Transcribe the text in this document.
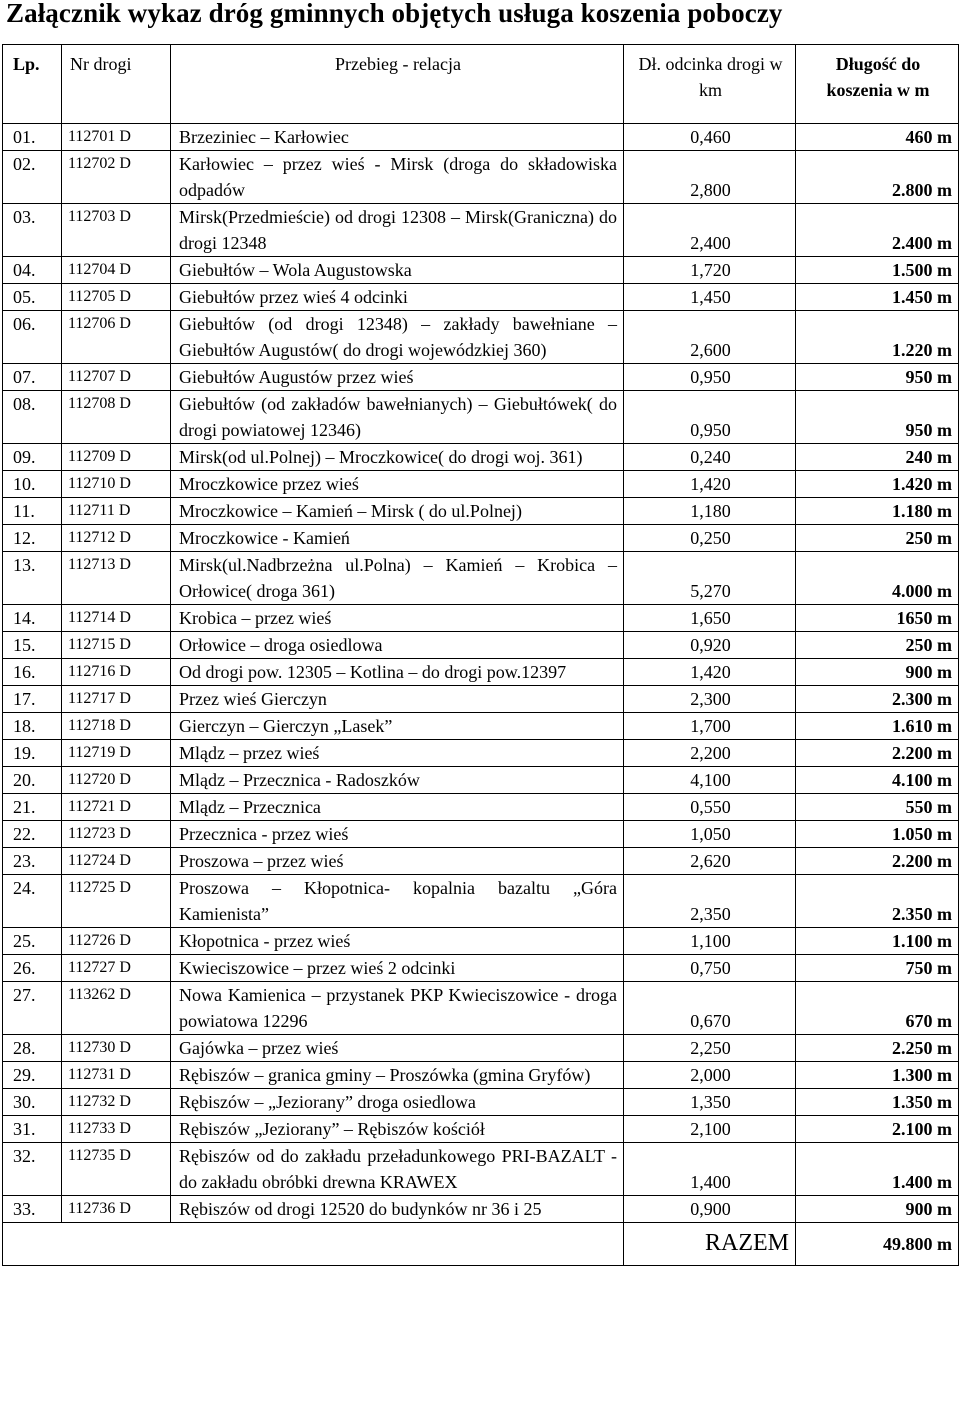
Załącznik wykaz dróg gminnych objętych usługa koszenia poboczy
Lp.	Nr drogi	Przebieg - relacja	Dł. odcinka drogi w km	Długość do koszenia w m
01.	112701 D	Brzeziniec – Karłowiec	0,460	460 m
02.	112702 D	Karłowiec – przez wieś - Mirsk (droga do składowiska odpadów	2,800	2.800 m
03.	112703 D	Mirsk(Przedmieście) od drogi 12308 – Mirsk(Graniczna) do drogi 12348	2,400	2.400 m
04.	112704 D	Giebułtów – Wola Augustowska	1,720	1.500 m
05.	112705 D	Giebułtów przez wieś 4 odcinki	1,450	1.450 m
06.	112706 D	Giebułtów (od drogi 12348) – zakłady bawełniane – Giebułtów Augustów( do drogi wojewódzkiej 360)	2,600	1.220 m
07.	112707 D	Giebułtów Augustów przez wieś	0,950	950 m
08.	112708 D	Giebułtów (od zakładów bawełnianych) – Giebułtówek( do drogi powiatowej 12346)	0,950	950 m
09.	112709 D	Mirsk(od ul.Polnej) – Mroczkowice( do drogi woj. 361)	0,240	240 m
10.	112710 D	Mroczkowice przez wieś	1,420	1.420 m
11.	112711 D	Mroczkowice – Kamień – Mirsk ( do ul.Polnej)	1,180	1.180 m
12.	112712 D	Mroczkowice - Kamień	0,250	250 m
13.	112713 D	Mirsk(ul.Nadbrzeżna ul.Polna) – Kamień – Krobica – Orłowice( droga 361)	5,270	4.000 m
14.	112714 D	Krobica – przez wieś	1,650	1650 m
15.	112715 D	Orłowice – droga osiedlowa	0,920	250 m
16.	112716 D	Od drogi pow. 12305 – Kotlina – do drogi pow.12397	1,420	900 m
17.	112717 D	Przez wieś Gierczyn	2,300	2.300 m
18.	112718 D	Gierczyn – Gierczyn „Lasek”	1,700	1.610 m
19.	112719 D	Mlądz – przez wieś	2,200	2.200 m
20.	112720 D	Mlądz – Przecznica - Radoszków	4,100	4.100 m
21.	112721 D	Mlądz – Przecznica	0,550	550 m
22.	112723 D	Przecznica - przez wieś	1,050	1.050 m
23.	112724 D	Proszowa – przez wieś	2,620	2.200 m
24.	112725 D	Proszowa – Kłopotnica- kopalnia bazaltu „Góra Kamienista”	2,350	2.350 m
25.	112726 D	Kłopotnica - przez wieś	1,100	1.100 m
26.	112727 D	Kwieciszowice – przez wieś 2 odcinki	0,750	750 m
27.	113262 D	Nowa Kamienica – przystanek PKP Kwieciszowice - droga powiatowa 12296	0,670	670 m
28.	112730 D	Gajówka – przez wieś	2,250	2.250 m
29.	112731 D	Rębiszów – granica gminy – Proszówka (gmina Gryfów)	2,000	1.300 m
30.	112732 D	Rębiszów – „Jeziorany” droga osiedlowa	1,350	1.350 m
31.	112733 D	Rębiszów „Jeziorany” – Rębiszów kościół	2,100	2.100 m
32.	112735 D	Rębiszów od do zakładu przeładunkowego PRI-BAZALT - do zakładu obróbki drewna KRAWEX	1,400	1.400 m
33.	112736 D	Rębiszów od drogi 12520 do budynków nr 36 i 25	0,900	900 m
			RAZEM	49.800 m
